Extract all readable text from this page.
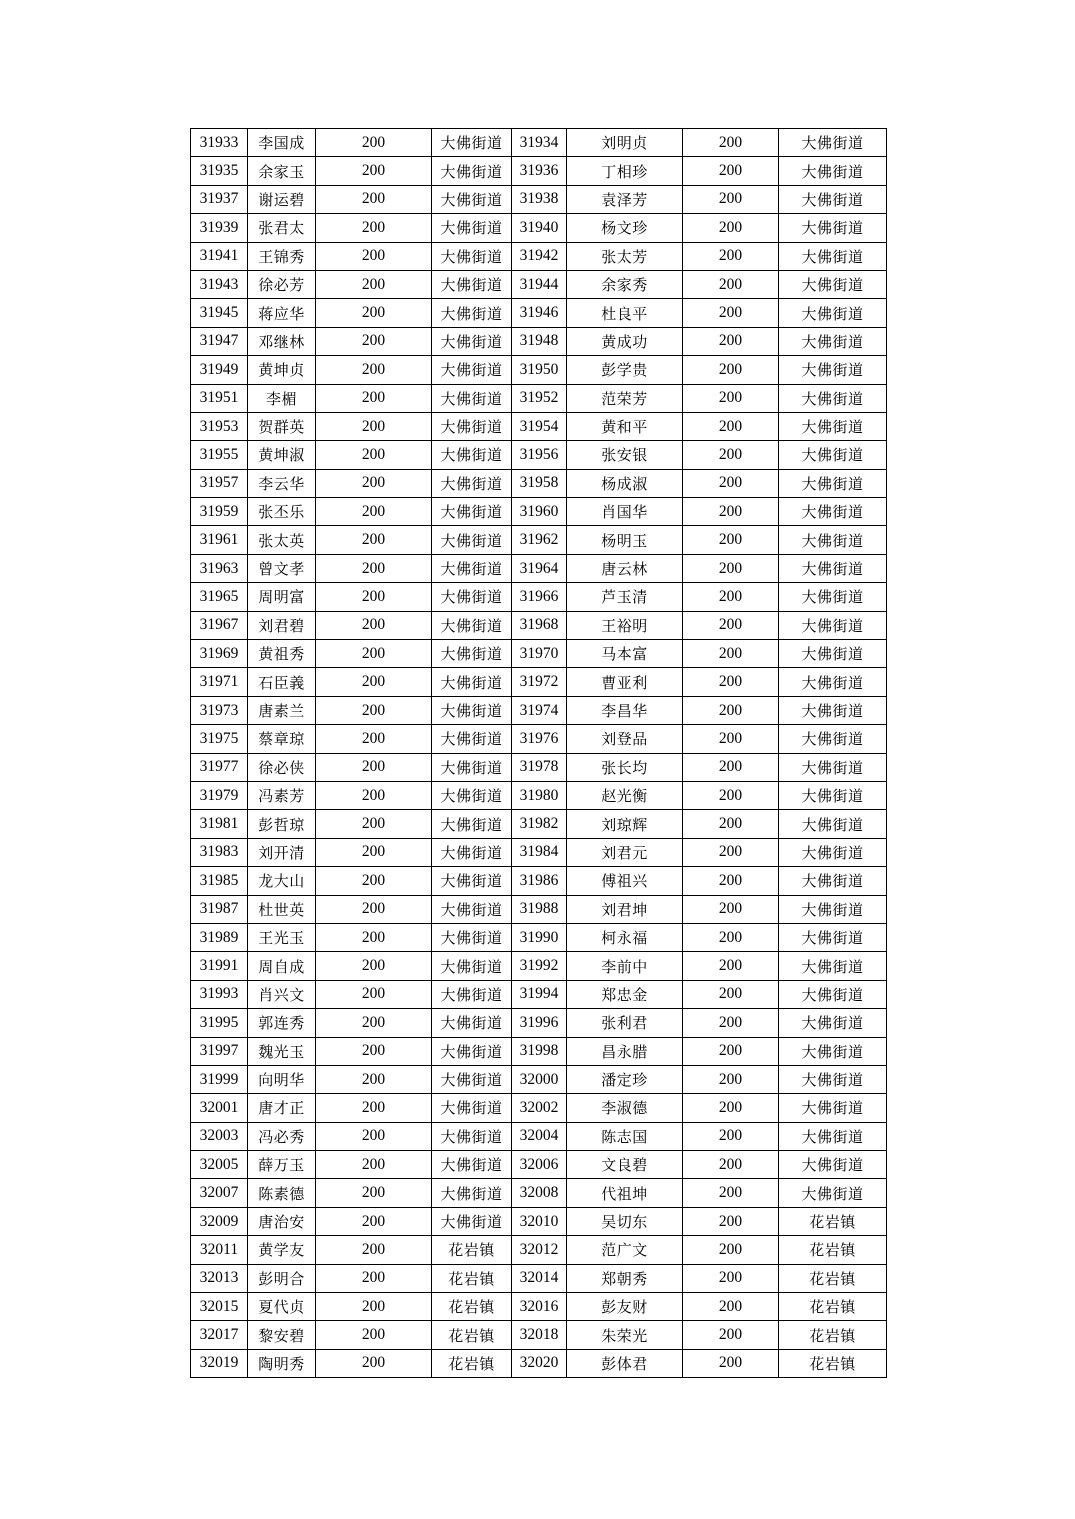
31933	李国成	200	大佛街道	31934	刘明贞	200	大佛街道
31935	余家玉	200	大佛街道	31936	丁相珍	200	大佛街道
31937	谢运碧	200	大佛街道	31938	袁泽芳	200	大佛街道
31939	张君太	200	大佛街道	31940	杨文珍	200	大佛街道
31941	王锦秀	200	大佛街道	31942	张太芳	200	大佛街道
31943	徐必芳	200	大佛街道	31944	余家秀	200	大佛街道
31945	蒋应华	200	大佛街道	31946	杜良平	200	大佛街道
31947	邓继林	200	大佛街道	31948	黄成功	200	大佛街道
31949	黄坤贞	200	大佛街道	31950	彭学贵	200	大佛街道
31951	李楣	200	大佛街道	31952	范荣芳	200	大佛街道
31953	贺群英	200	大佛街道	31954	黄和平	200	大佛街道
31955	黄坤淑	200	大佛街道	31956	张安银	200	大佛街道
31957	李云华	200	大佛街道	31958	杨成淑	200	大佛街道
31959	张丕乐	200	大佛街道	31960	肖国华	200	大佛街道
31961	张太英	200	大佛街道	31962	杨明玉	200	大佛街道
31963	曾文孝	200	大佛街道	31964	唐云林	200	大佛街道
31965	周明富	200	大佛街道	31966	芦玉清	200	大佛街道
31967	刘君碧	200	大佛街道	31968	王裕明	200	大佛街道
31969	黄祖秀	200	大佛街道	31970	马本富	200	大佛街道
31971	石臣義	200	大佛街道	31972	曹亚利	200	大佛街道
31973	唐素兰	200	大佛街道	31974	李昌华	200	大佛街道
31975	蔡章琼	200	大佛街道	31976	刘登品	200	大佛街道
31977	徐必侠	200	大佛街道	31978	张长均	200	大佛街道
31979	冯素芳	200	大佛街道	31980	赵光衡	200	大佛街道
31981	彭哲琼	200	大佛街道	31982	刘琼辉	200	大佛街道
31983	刘开清	200	大佛街道	31984	刘君元	200	大佛街道
31985	龙大山	200	大佛街道	31986	傅祖兴	200	大佛街道
31987	杜世英	200	大佛街道	31988	刘君坤	200	大佛街道
31989	王光玉	200	大佛街道	31990	柯永福	200	大佛街道
31991	周自成	200	大佛街道	31992	李前中	200	大佛街道
31993	肖兴文	200	大佛街道	31994	郑忠金	200	大佛街道
31995	郭连秀	200	大佛街道	31996	张利君	200	大佛街道
31997	魏光玉	200	大佛街道	31998	昌永腊	200	大佛街道
31999	向明华	200	大佛街道	32000	潘定珍	200	大佛街道
32001	唐才正	200	大佛街道	32002	李淑德	200	大佛街道
32003	冯必秀	200	大佛街道	32004	陈志国	200	大佛街道
32005	薛万玉	200	大佛街道	32006	文良碧	200	大佛街道
32007	陈素德	200	大佛街道	32008	代祖坤	200	大佛街道
32009	唐治安	200	大佛街道	32010	吴切东	200	花岩镇
32011	黄学友	200	花岩镇	32012	范广文	200	花岩镇
32013	彭明合	200	花岩镇	32014	郑朝秀	200	花岩镇
32015	夏代贞	200	花岩镇	32016	彭友财	200	花岩镇
32017	黎安碧	200	花岩镇	32018	朱荣光	200	花岩镇
32019	陶明秀	200	花岩镇	32020	彭体君	200	花岩镇
